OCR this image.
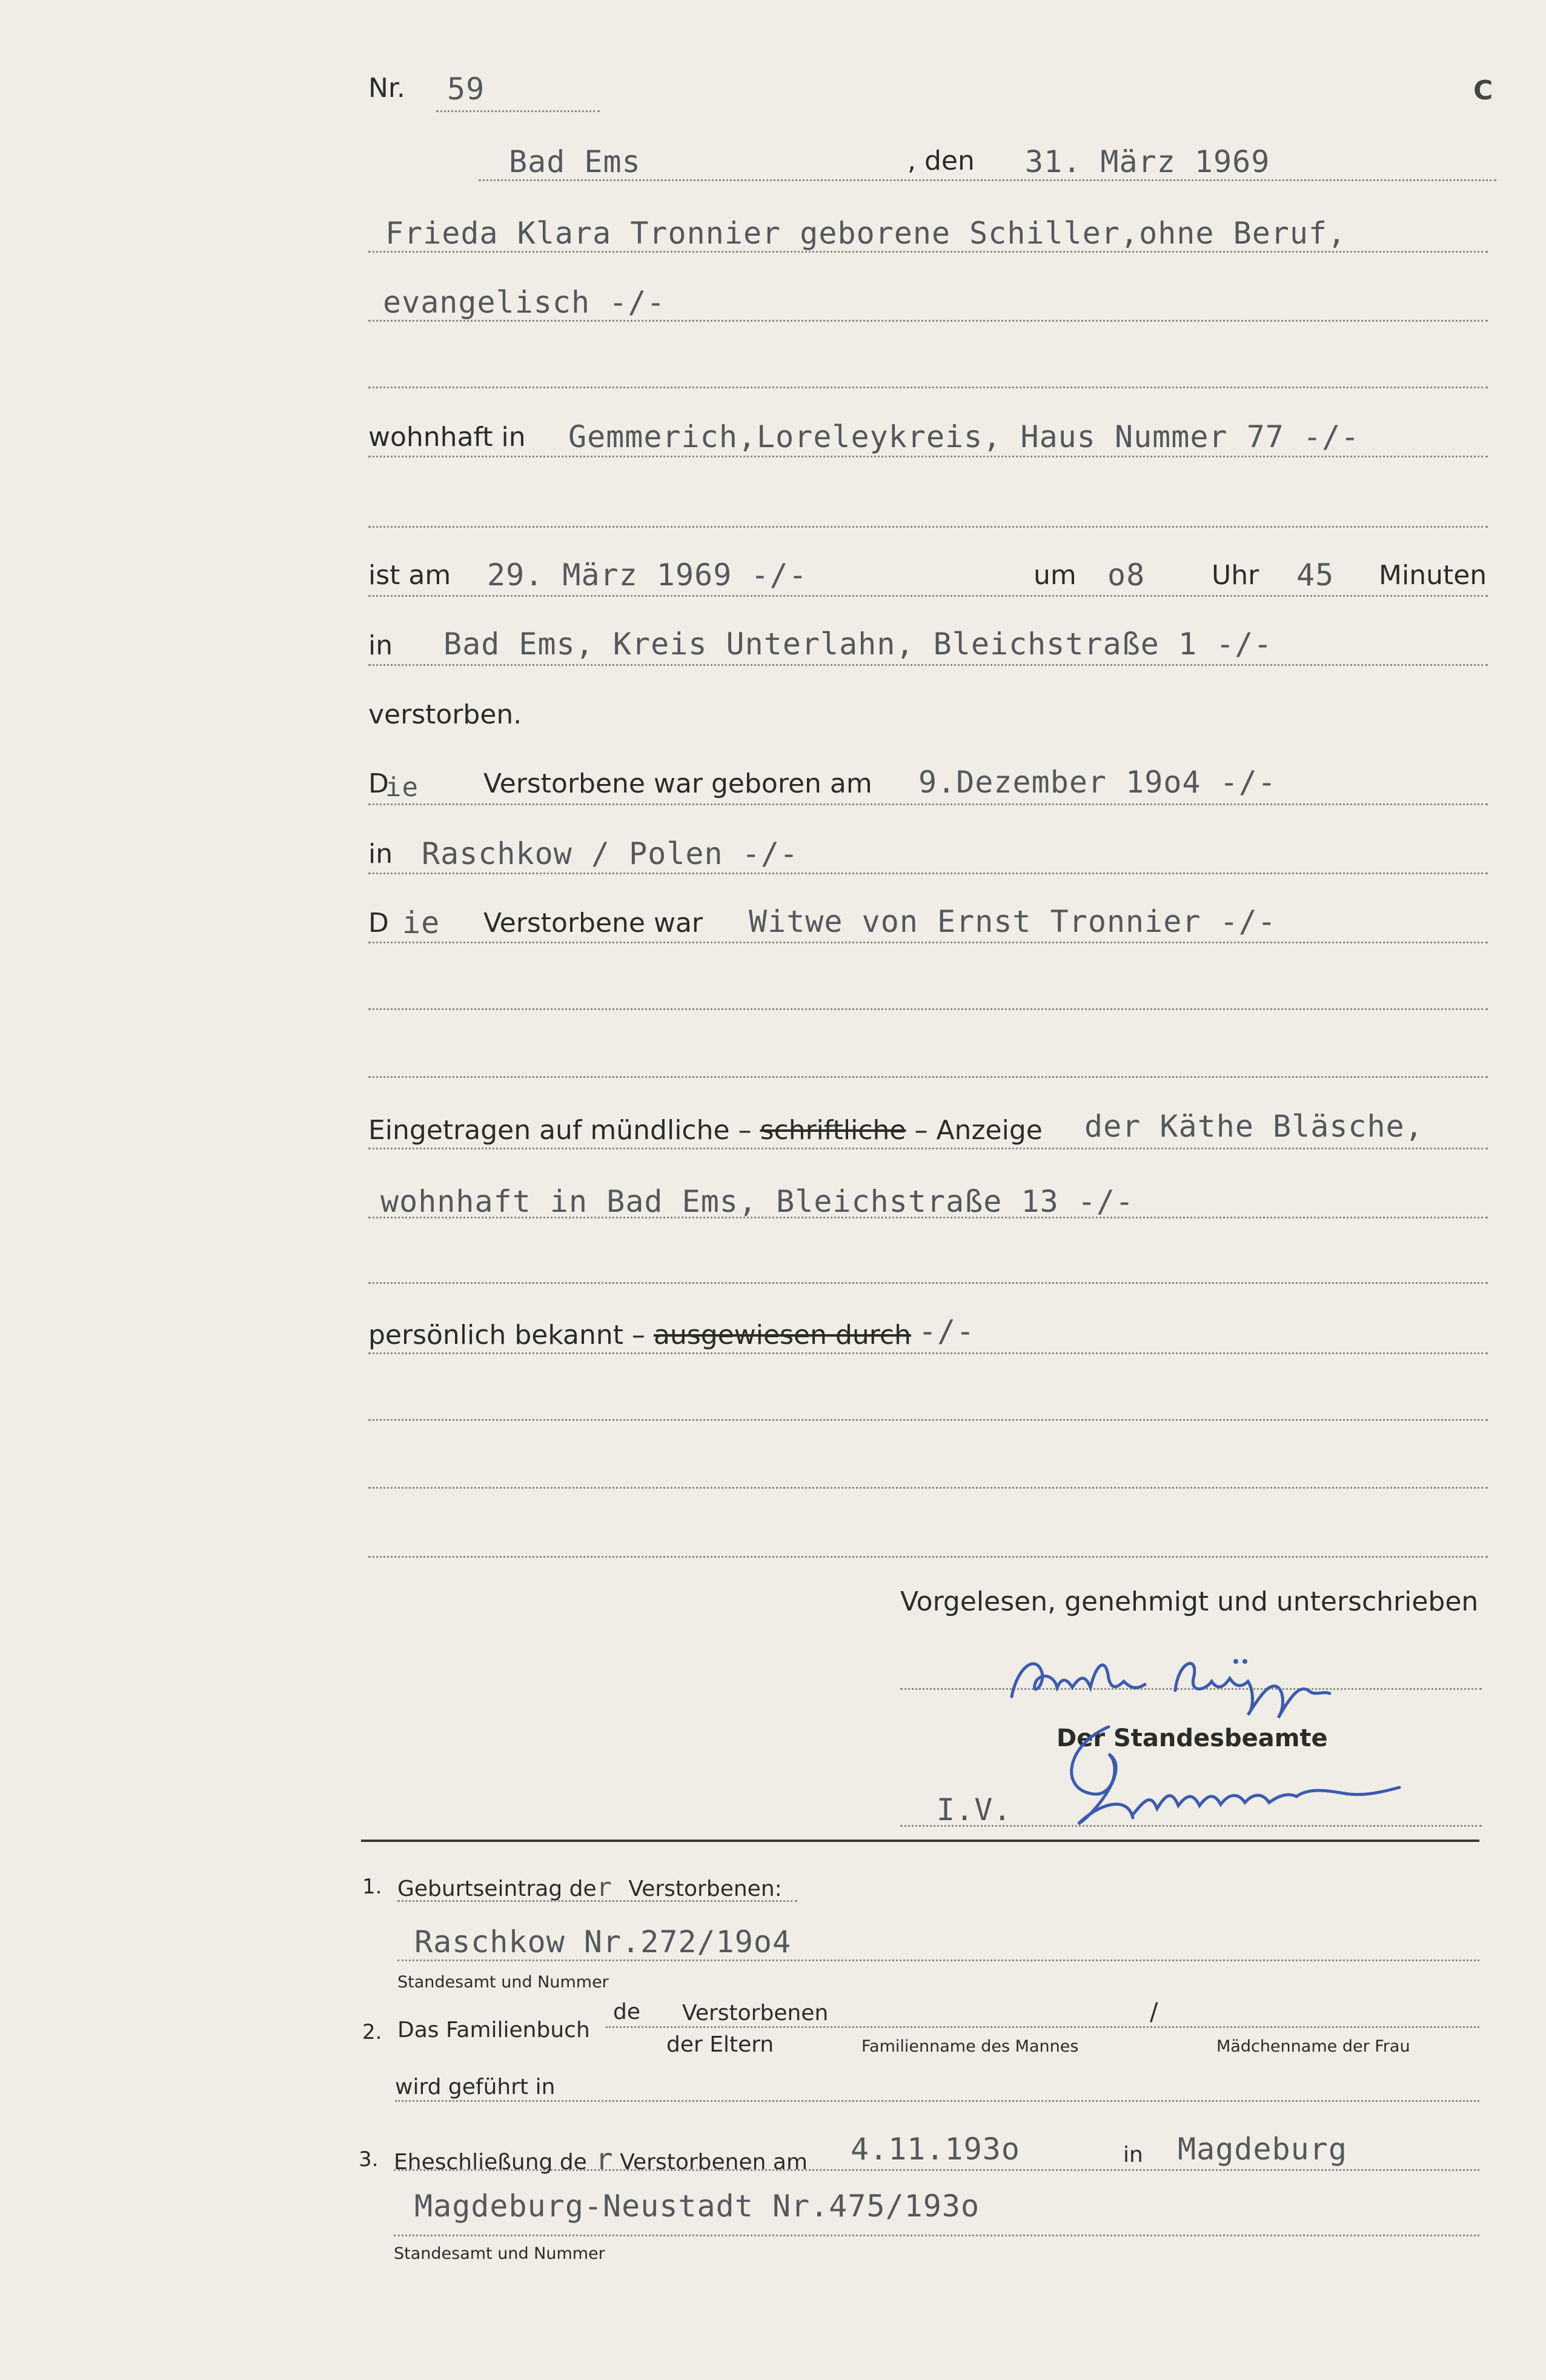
Nr. 59	C
Bad Ems	, den 31. März 1969
Frieda Klara Tronnier geborene Schiller,ohne Beruf,
evangelisch -/-
wohnhaft in Gemmerich,Loreleykreis, Haus Nummer 77 -/-
ist am 29. März 1969 -/-	um o8 Uhr 45 Minuten
in Bad Ems, Kreis Unterlahn, Bleichstraße 1 -/-
verstorben.
D
ie Verstorbene war geboren am 9.Dezember 19o4 -/-
in Raschkow / Polen -/-
D ie Verstorbene war Witwe von Ernst Tronnier -/-
Eingetragen auf mündliche – schriftliche – Anzeige der Käthe Bläsche,
wohnhaft in Bad Ems, Bleichstraße 13 -/-
persönlich bekannt – ausgewiesen durch -/-
Vorgelesen, genehmigt und unterschrieben
Der Standesbeamte
I.V.
1. Geburtseintrag der Verstorbenen:
Raschkow Nr.272/19o4
Standesamt und Nummer
2. Das Familienbuch
de Verstorbenen	/
der Eltern	Familienname des Mannes	Mädchenname der Frau
wird geführt in
3. Eheschließung de r Verstorbenen am 4.11.193o	in Magdeburg
Magdeburg-Neustadt Nr.475/193o
Standesamt und Nummer
